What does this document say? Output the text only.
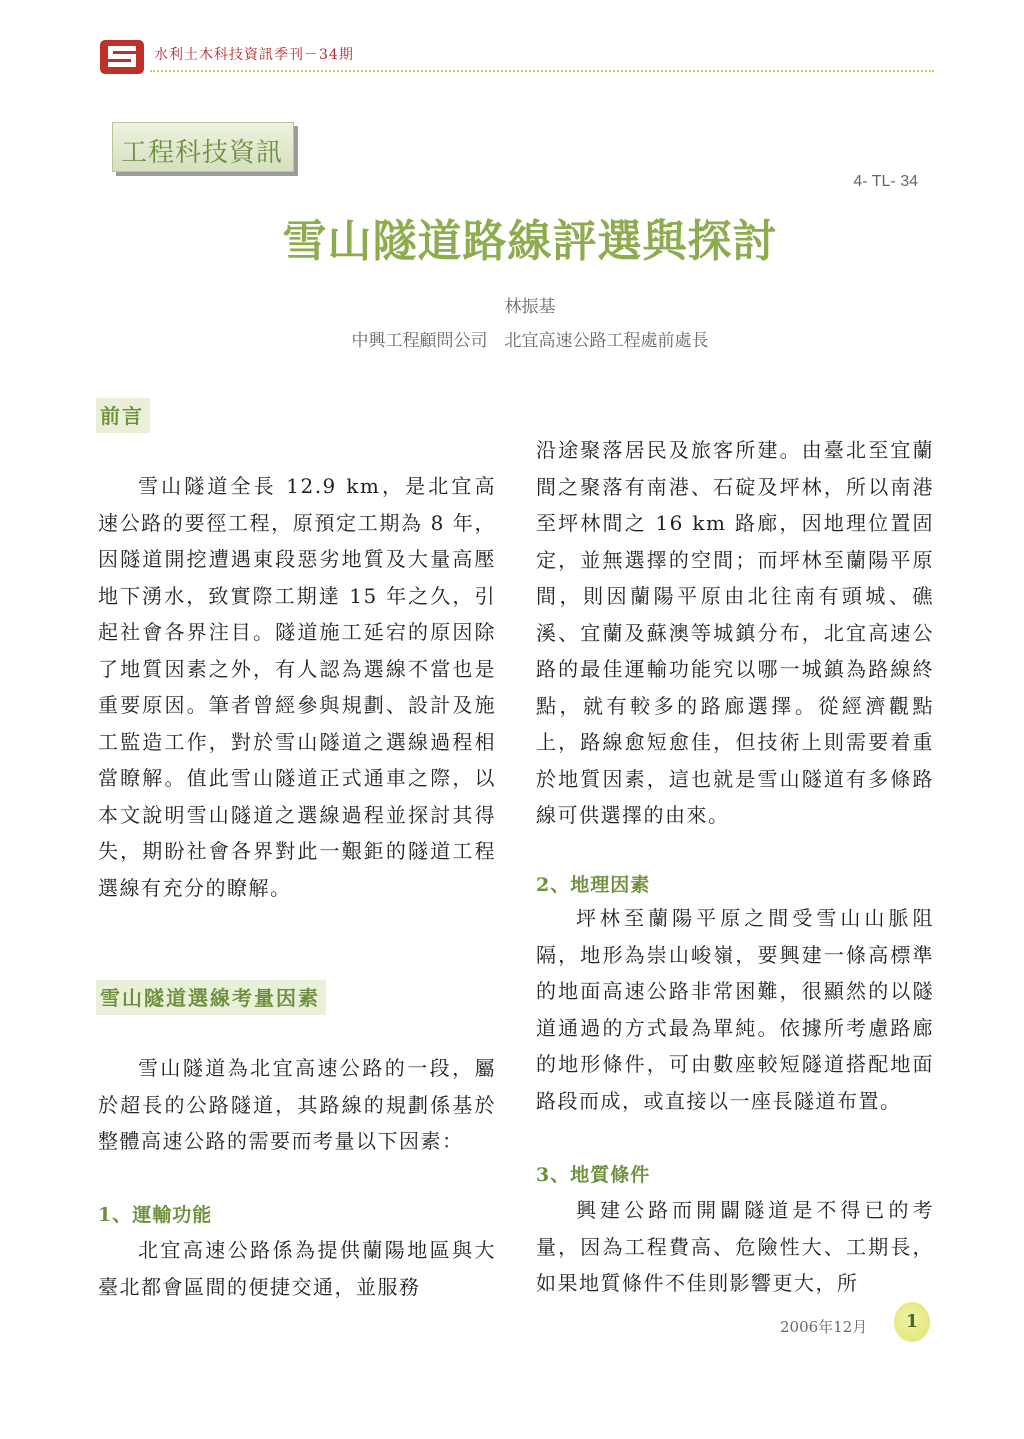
水利土木科技資訊季刊－34期
工程科技資訊
4- TL- 34
雪山隧道路線評選與探討
林振基
中興工程顧問公司　北宜高速公路工程處前處長
前言
雪山隧道全長 12.9 km，是北宜高速公路的要徑工程，原預定工期為 8 年，因隧道開挖遭遇東段惡劣地質及大量高壓地下湧水，致實際工期達 15 年之久，引起社會各界注目。隧道施工延宕的原因除了地質因素之外，有人認為選線不當也是重要原因。筆者曾經參與規劃、設計及施工監造工作，對於雪山隧道之選線過程相當瞭解。值此雪山隧道正式通車之際，以本文說明雪山隧道之選線過程並探討其得失，期盼社會各界對此一艱鉅的隧道工程選線有充分的瞭解。
雪山隧道選線考量因素
雪山隧道為北宜高速公路的一段，屬於超長的公路隧道，其路線的規劃係基於整體高速公路的需要而考量以下因素：
1、運輸功能
北宜高速公路係為提供蘭陽地區與大臺北都會區間的便捷交通，並服務
沿途聚落居民及旅客所建。由臺北至宜蘭間之聚落有南港、石碇及坪林，所以南港至坪林間之 16 km 路廊，因地理位置固定，並無選擇的空間；而坪林至蘭陽平原間，則因蘭陽平原由北往南有頭城、礁溪、宜蘭及蘇澳等城鎮分布，北宜高速公路的最佳運輸功能究以哪一城鎮為路線終點，就有較多的路廊選擇。從經濟觀點上，路線愈短愈佳，但技術上則需要着重於地質因素，這也就是雪山隧道有多條路線可供選擇的由來。
2、地理因素
坪林至蘭陽平原之間受雪山山脈阻隔，地形為崇山峻嶺，要興建一條高標準的地面高速公路非常困難，很顯然的以隧道通過的方式最為單純。依據所考慮路廊的地形條件，可由數座較短隧道搭配地面路段而成，或直接以一座長隧道布置。
3、地質條件
興建公路而開闢隧道是不得已的考量，因為工程費高、危險性大、工期長，如果地質條件不佳則影響更大，所
2006年12月	1
